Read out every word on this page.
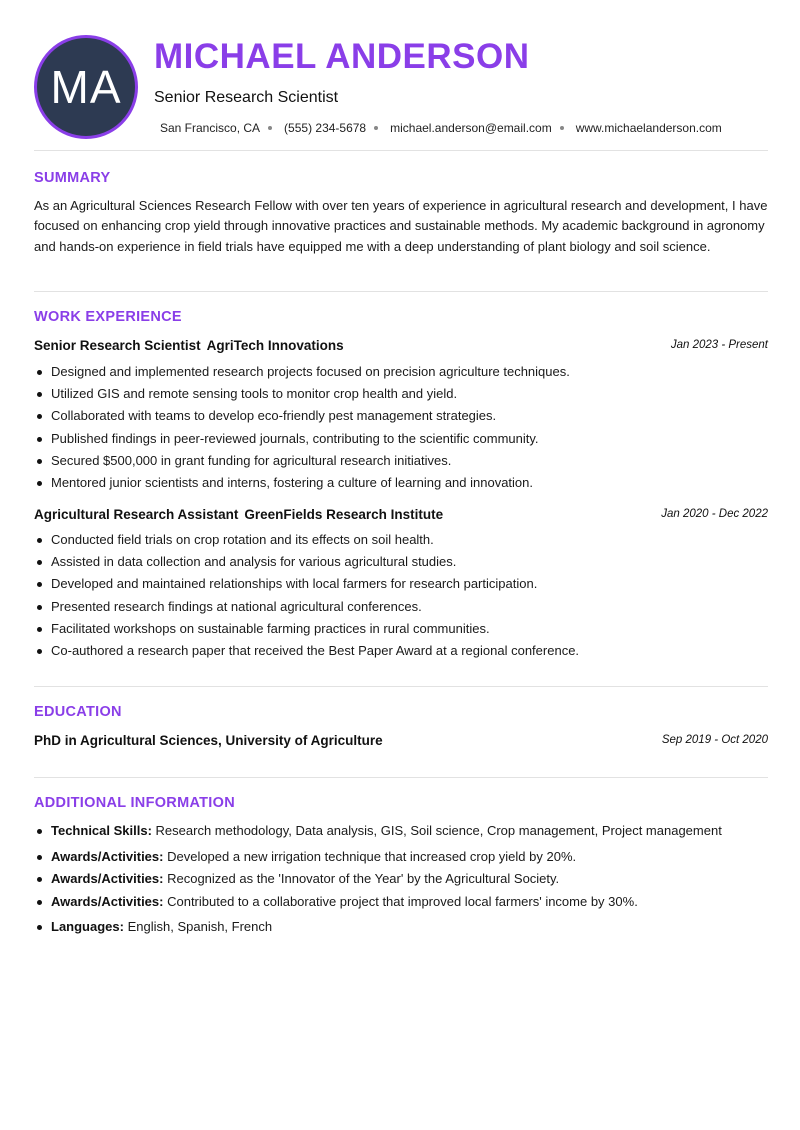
MA
MICHAEL ANDERSON
Senior Research Scientist
San Francisco, CA (555) 234-5678 michael.anderson@email.com www.michaelanderson.com
SUMMARY
As an Agricultural Sciences Research Fellow with over ten years of experience in agricultural research and development, I have focused on enhancing crop yield through innovative practices and sustainable methods. My academic background in agronomy and hands-on experience in field trials have equipped me with a deep understanding of plant biology and soil science.
WORK EXPERIENCE
Senior Research Scientist AgriTech Innovations	Jan 2023 - Present
Designed and implemented research projects focused on precision agriculture techniques.
Utilized GIS and remote sensing tools to monitor crop health and yield.
Collaborated with teams to develop eco-friendly pest management strategies.
Published findings in peer-reviewed journals, contributing to the scientific community.
Secured $500,000 in grant funding for agricultural research initiatives.
Mentored junior scientists and interns, fostering a culture of learning and innovation.
Agricultural Research Assistant GreenFields Research Institute	Jan 2020 - Dec 2022
Conducted field trials on crop rotation and its effects on soil health.
Assisted in data collection and analysis for various agricultural studies.
Developed and maintained relationships with local farmers for research participation.
Presented research findings at national agricultural conferences.
Facilitated workshops on sustainable farming practices in rural communities.
Co-authored a research paper that received the Best Paper Award at a regional conference.
EDUCATION
PhD in Agricultural Sciences, University of Agriculture	Sep 2019 - Oct 2020
ADDITIONAL INFORMATION
Technical Skills: Research methodology, Data analysis, GIS, Soil science, Crop management, Project management
Awards/Activities: Developed a new irrigation technique that increased crop yield by 20%.
Awards/Activities: Recognized as the 'Innovator of the Year' by the Agricultural Society.
Awards/Activities: Contributed to a collaborative project that improved local farmers' income by 30%.
Languages: English, Spanish, French
